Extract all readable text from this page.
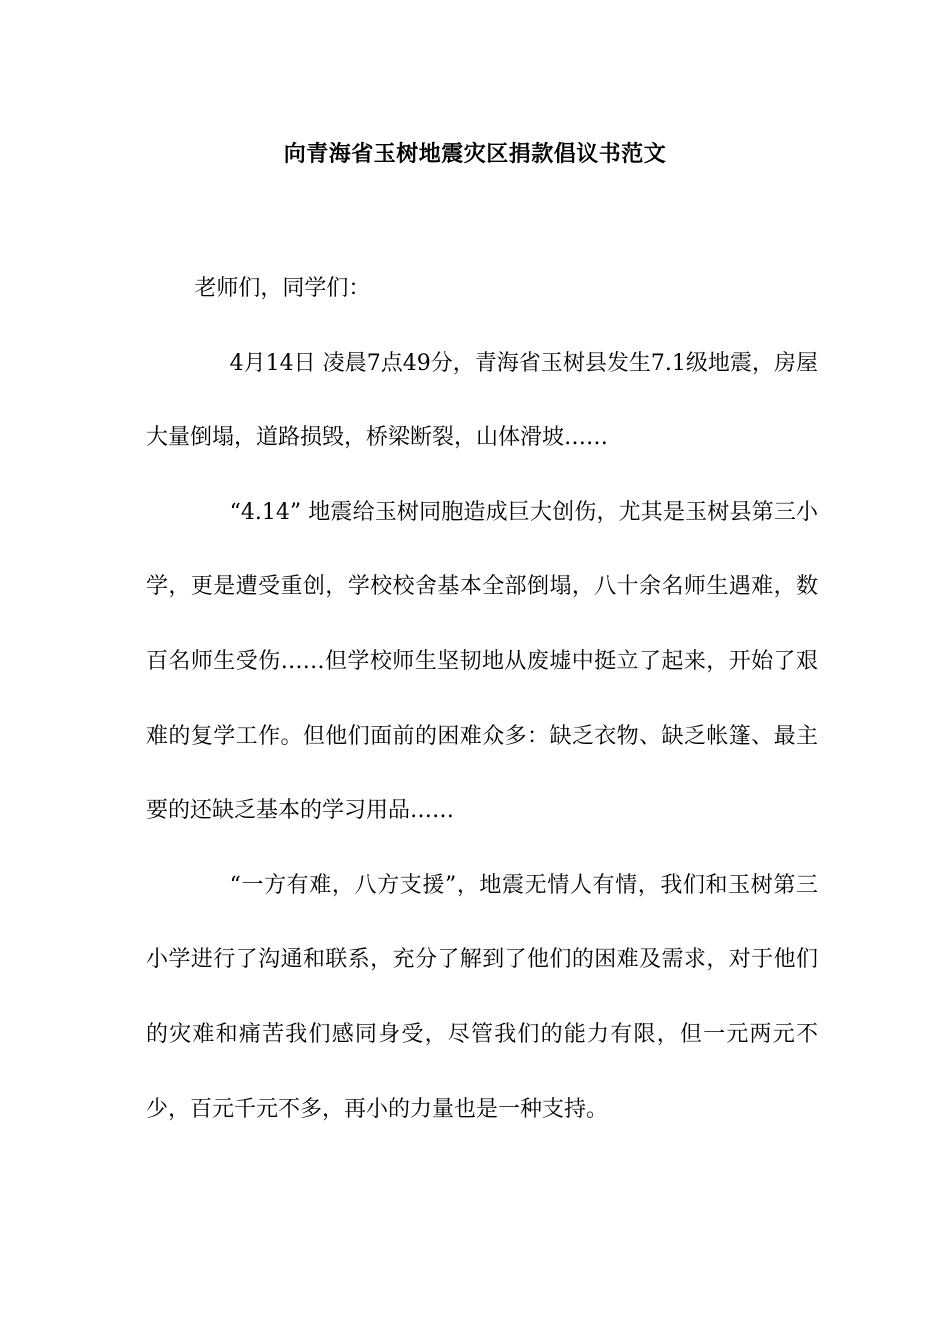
向青海省玉树地震灾区捐款倡议书范文

老师们，同学们：

4月14日 凌晨7点49分，青海省玉树县发生7.1级地震，房屋大量倒塌，道路损毁，桥梁断裂，山体滑坡……

“4.14” 地震给玉树同胞造成巨大创伤，尤其是玉树县第三小学，更是遭受重创，学校校舍基本全部倒塌，八十余名师生遇难，数百名师生受伤……但学校师生坚韧地从废墟中挺立了起来，开始了艰难的复学工作。但他们面前的困难众多：缺乏衣物、缺乏帐篷、最主要的还缺乏基本的学习用品……

“一方有难，八方支援”，地震无情人有情，我们和玉树第三小学进行了沟通和联系，充分了解到了他们的困难及需求，对于他们的灾难和痛苦我们感同身受，尽管我们的能力有限，但一元两元不少，百元千元不多，再小的力量也是一种支持。
